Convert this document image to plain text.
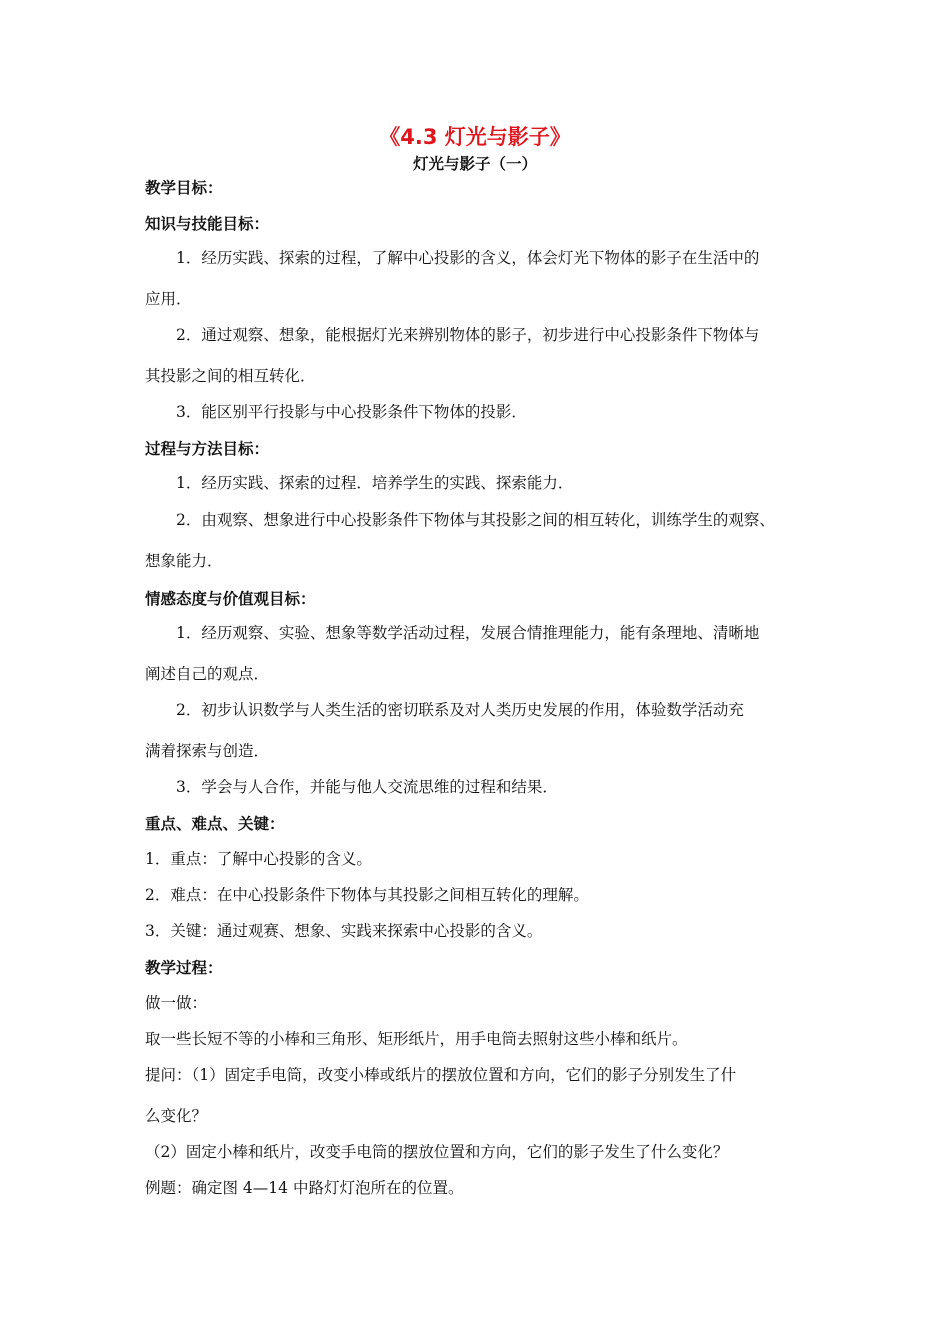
《4.3 灯光与影子》
灯光与影子（一）
教学目标：
知识与技能目标：
1．经历实践、探索的过程，了解中心投影的含义，体会灯光下物体的影子在生活中的
应用．
2．通过观察、想象，能根据灯光来辨别物体的影子，初步进行中心投影条件下物体与
其投影之间的相互转化．
3．能区别平行投影与中心投影条件下物体的投影．
过程与方法目标：
1．经历实践、探索的过程．培养学生的实践、探索能力．
2．由观察、想象进行中心投影条件下物体与其投影之间的相互转化，训练学生的观察、
想象能力．
情感态度与价值观目标：
1．经历观察、实验、想象等数学活动过程，发展合情推理能力，能有条理地、清晰地
阐述自己的观点．
2．初步认识数学与人类生活的密切联系及对人类历史发展的作用，体验数学活动充
满着探索与创造．
3．学会与人合作，并能与他人交流思维的过程和结果．
重点、难点、关键：
1．重点：了解中心投影的含义。
2．难点：在中心投影条件下物体与其投影之间相互转化的理解。
3．关键：通过观赛、想象、实践来探索中心投影的含义。
教学过程：
做一做：
取一些长短不等的小棒和三角形、矩形纸片，用手电筒去照射这些小棒和纸片。
提问：（1）固定手电筒，改变小棒或纸片的摆放位置和方向，它们的影子分别发生了什
么变化？
（2）固定小棒和纸片，改变手电筒的摆放位置和方向，它们的影子发生了什么变化？
例题：确定图 4—14 中路灯灯泡所在的位置。
